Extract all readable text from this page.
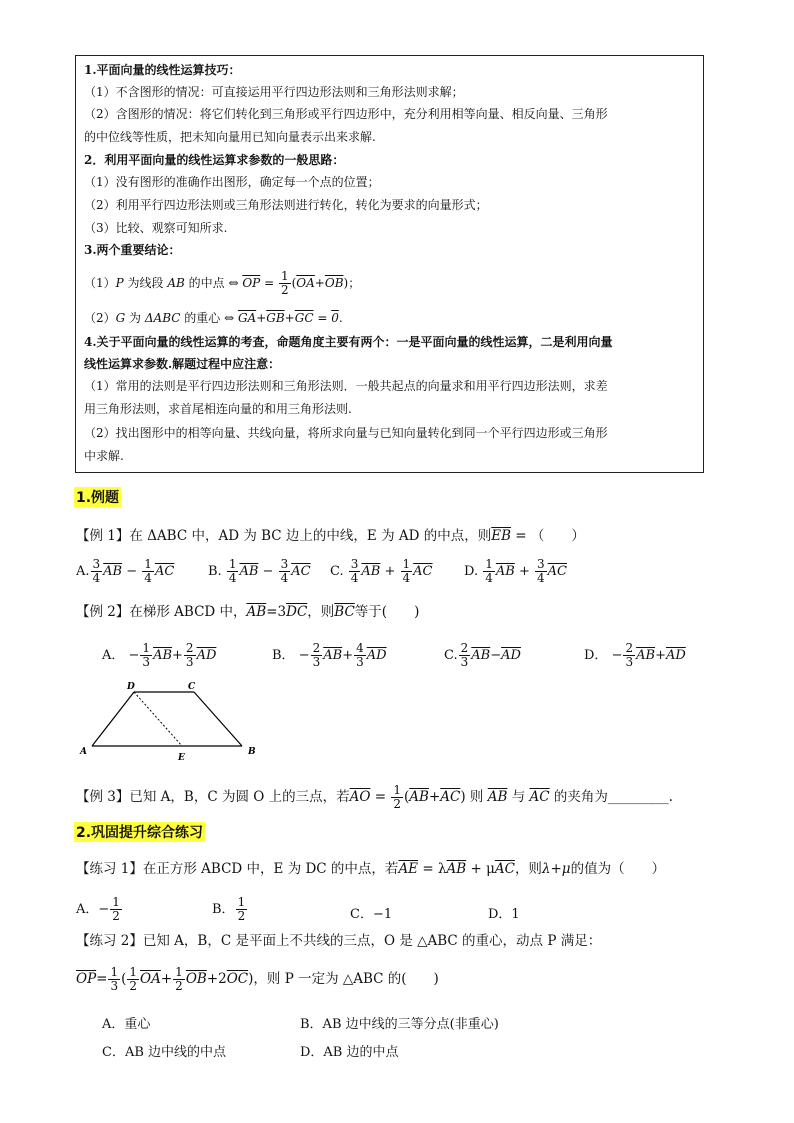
1.平面向量的线性运算技巧：
（1）不含图形的情况：可直接运用平行四边形法则和三角形法则求解；
（2）含图形的情况：将它们转化到三角形或平行四边形中，充分利用相等向量、相反向量、三角形
的中位线等性质，把未知向量用已知向量表示出来求解.
2．利用平面向量的线性运算求参数的一般思路：
（1）没有图形的准确作出图形，确定每一个点的位置；
（2）利用平行四边形法则或三角形法则进行转化，转化为要求的向量形式；
（3）比较、观察可知所求.
3.两个重要结论：
（1）P 为线段 AB 的中点 ⇔ $\overline{OP} = \frac{1}{2} (\overline{OA}+\overline{OB})$；
（2）G 为 ΔABC 的重心 ⇔ $\overline{GA}+\overline{GB}+\overline{GC} = 0$.
4.关于平面向量的线性运算的考查，命题角度主要有两个：一是平面向量的线性运算，二是利用向量
线性运算求参数.解题过程中应注意：
（1）常用的法则是平行四边形法则和三角形法则．一般共起点的向量求和用平行四边形法则，求差
用三角形法则，求首尾相连向量的和用三角形法则.
（2）找出图形中的相等向量、共线向量，将所求向量与已知向量转化到同一个平行四边形或三角形
中求解.
1.例题
【例 1】在 ΔABC 中，AD 为 BC 边上的中线，E 为 AD 的中点，则$\overline{EB}$ = （　　）
A. $\frac{3}{4} \overline{AB} - \frac{1}{4} \overline{AC}$	B. $\frac{1}{4} \overline{AB} - \frac{3}{4} \overline{AC}$ C. $\frac{3}{4} \overline{AB} + \frac{1}{4} \overline{AC}$ D. $\frac{1}{4} \overline{AB} + \frac{3}{4} \overline{AC}$
【例 2】在梯形 ABCD 中，$\overline{AB}=3\overline{DC}$，则$\overline{BC}$等于(　　)
A． − $\frac{1}{3} \overline{AB}+ \frac{2}{3} \overline{AD}$	B． − $\frac{2}{3} \overline{AB}+ \frac{4}{3} \overline{AD}$	C. $\frac{2}{3} \overline{AB}-\overline{AD}$	D． − $\frac{2}{3} \overline{AB}+\overline{AD}$
D	C
A
E
B
【例 3】已知 A，B，C 为圆 O 上的三点，若$\overline{AO} = \frac{1}{2} (\overline{AB}+\overline{AC})$ 则 $\overline{AB}$ 与 $\overline{AC}$ 的夹角为_________.
2.巩固提升综合练习
【练习 1】在正方形 ABCD 中，E 为 DC 的中点，若$\overline{AE} = \lambda\overline{AB} + \mu\overline{AC}$，则λ+μ的值为（　　）
A．− $\frac{1}{2}$	B． $\frac{1}{2}$	C．−1	D．1
【练习 2】已知 A，B，C 是平面上不共线的三点，O 是 △ABC 的重心，动点 P 满足：
$\overline{OP}= \frac{1}{3}$ ( $\frac{1}{2} \overline{OA}+ \frac{1}{2} \overline{OB}+2\overline{OC}$)，则 P 一定为 △ABC 的(　　)
A．重心	B．AB 边中线的三等分点(非重心)
C．AB 边中线的中点	D．AB 边的中点
